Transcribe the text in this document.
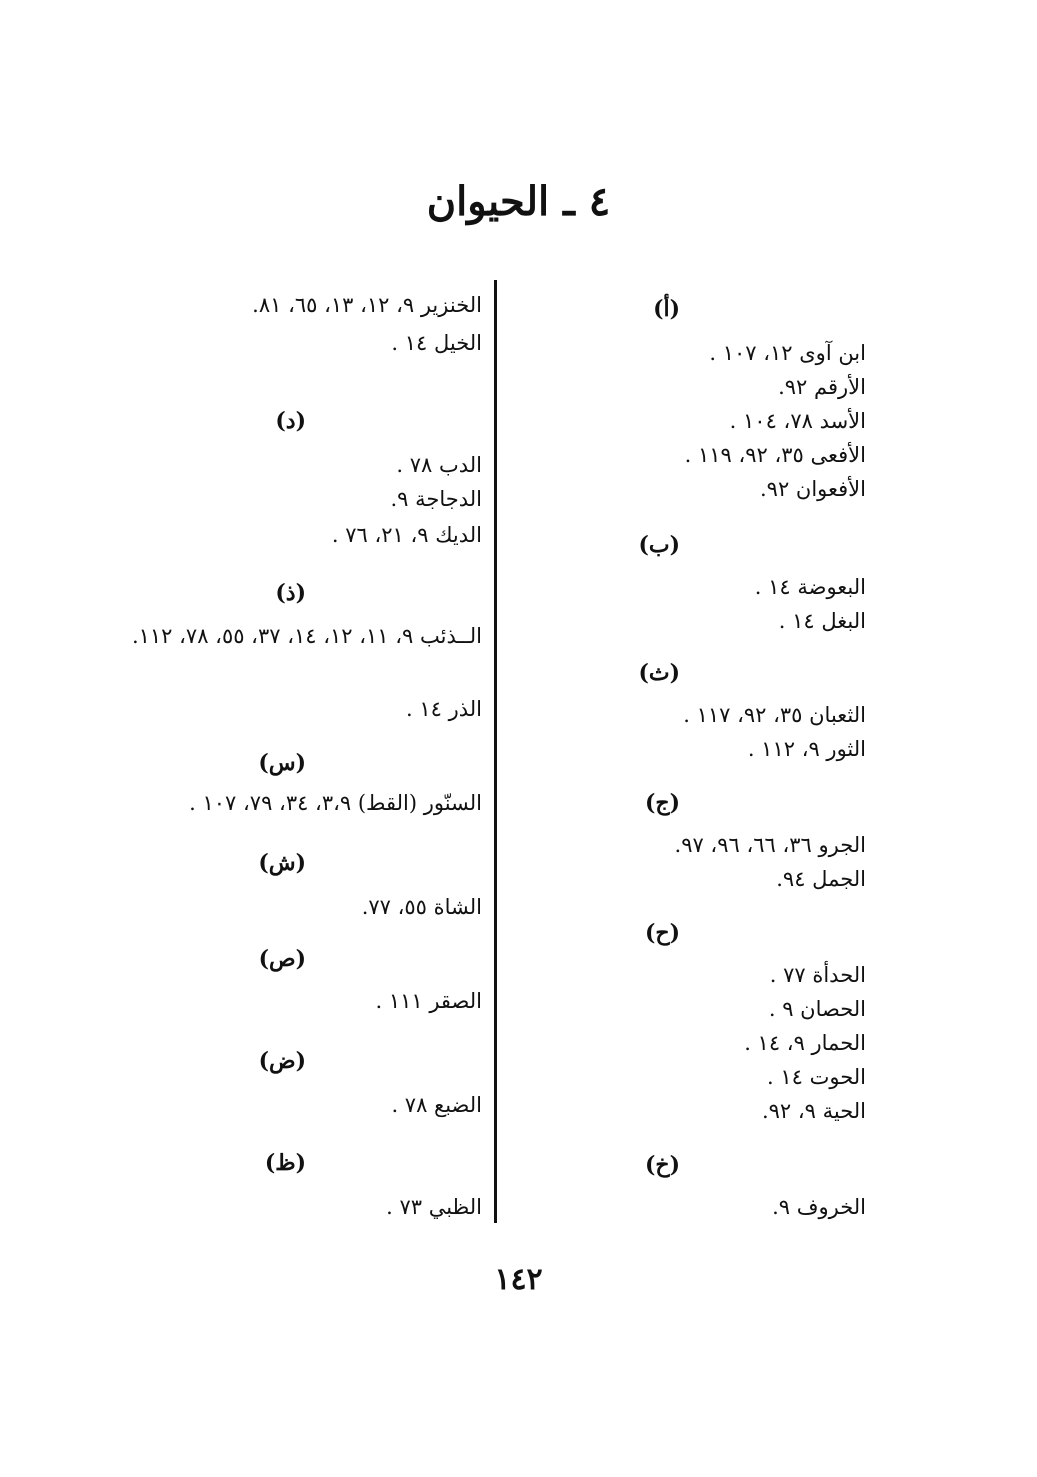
٤ ـ الحيوان

(أ)

ابن آوى ١٢، ١٠٧ .

الأرقم ٩٢.

الأسد ٧٨، ١٠٤ .

الأفعى ٣٥، ٩٢، ١١٩ .

الأفعوان ٩٢.

(ب)

البعوضة ١٤ .

البغل ١٤ .

(ث)

الثعبان ٣٥، ٩٢، ١١٧ .

الثور ٩، ١١٢ .

(ج)

الجرو ٣٦، ٦٦، ٩٦، ٩٧.

الجمل ٩٤.

(ح)

الحدأة ٧٧ .

الحصان ٩ .

الحمار ٩، ١٤ .

الحوت ١٤ .

الحية ٩، ٩٢.

(خ)

الخروف ٩.

الخنزير ٩، ١٢، ١٣، ٦٥، ٨١.

الخيل ١٤ .

(د)

الدب ٧٨ .

الدجاجة ٩.

الديك ٩، ٢١، ٧٦ .

(ذ)

الــذئب ٩، ١١، ١٢، ١٤، ٣٧، ٥٥، ٧٨، ١١٢.

الذر ١٤ .

(س)

السنّور (القط) ٣،٩، ٣٤، ٧٩، ١٠٧ .

(ش)

الشاة ٥٥، ٧٧.

(ص)

الصقر ١١١ .

(ض)

الضبع ٧٨ .

(ظ)

الظبي ٧٣ .

١٤٢
